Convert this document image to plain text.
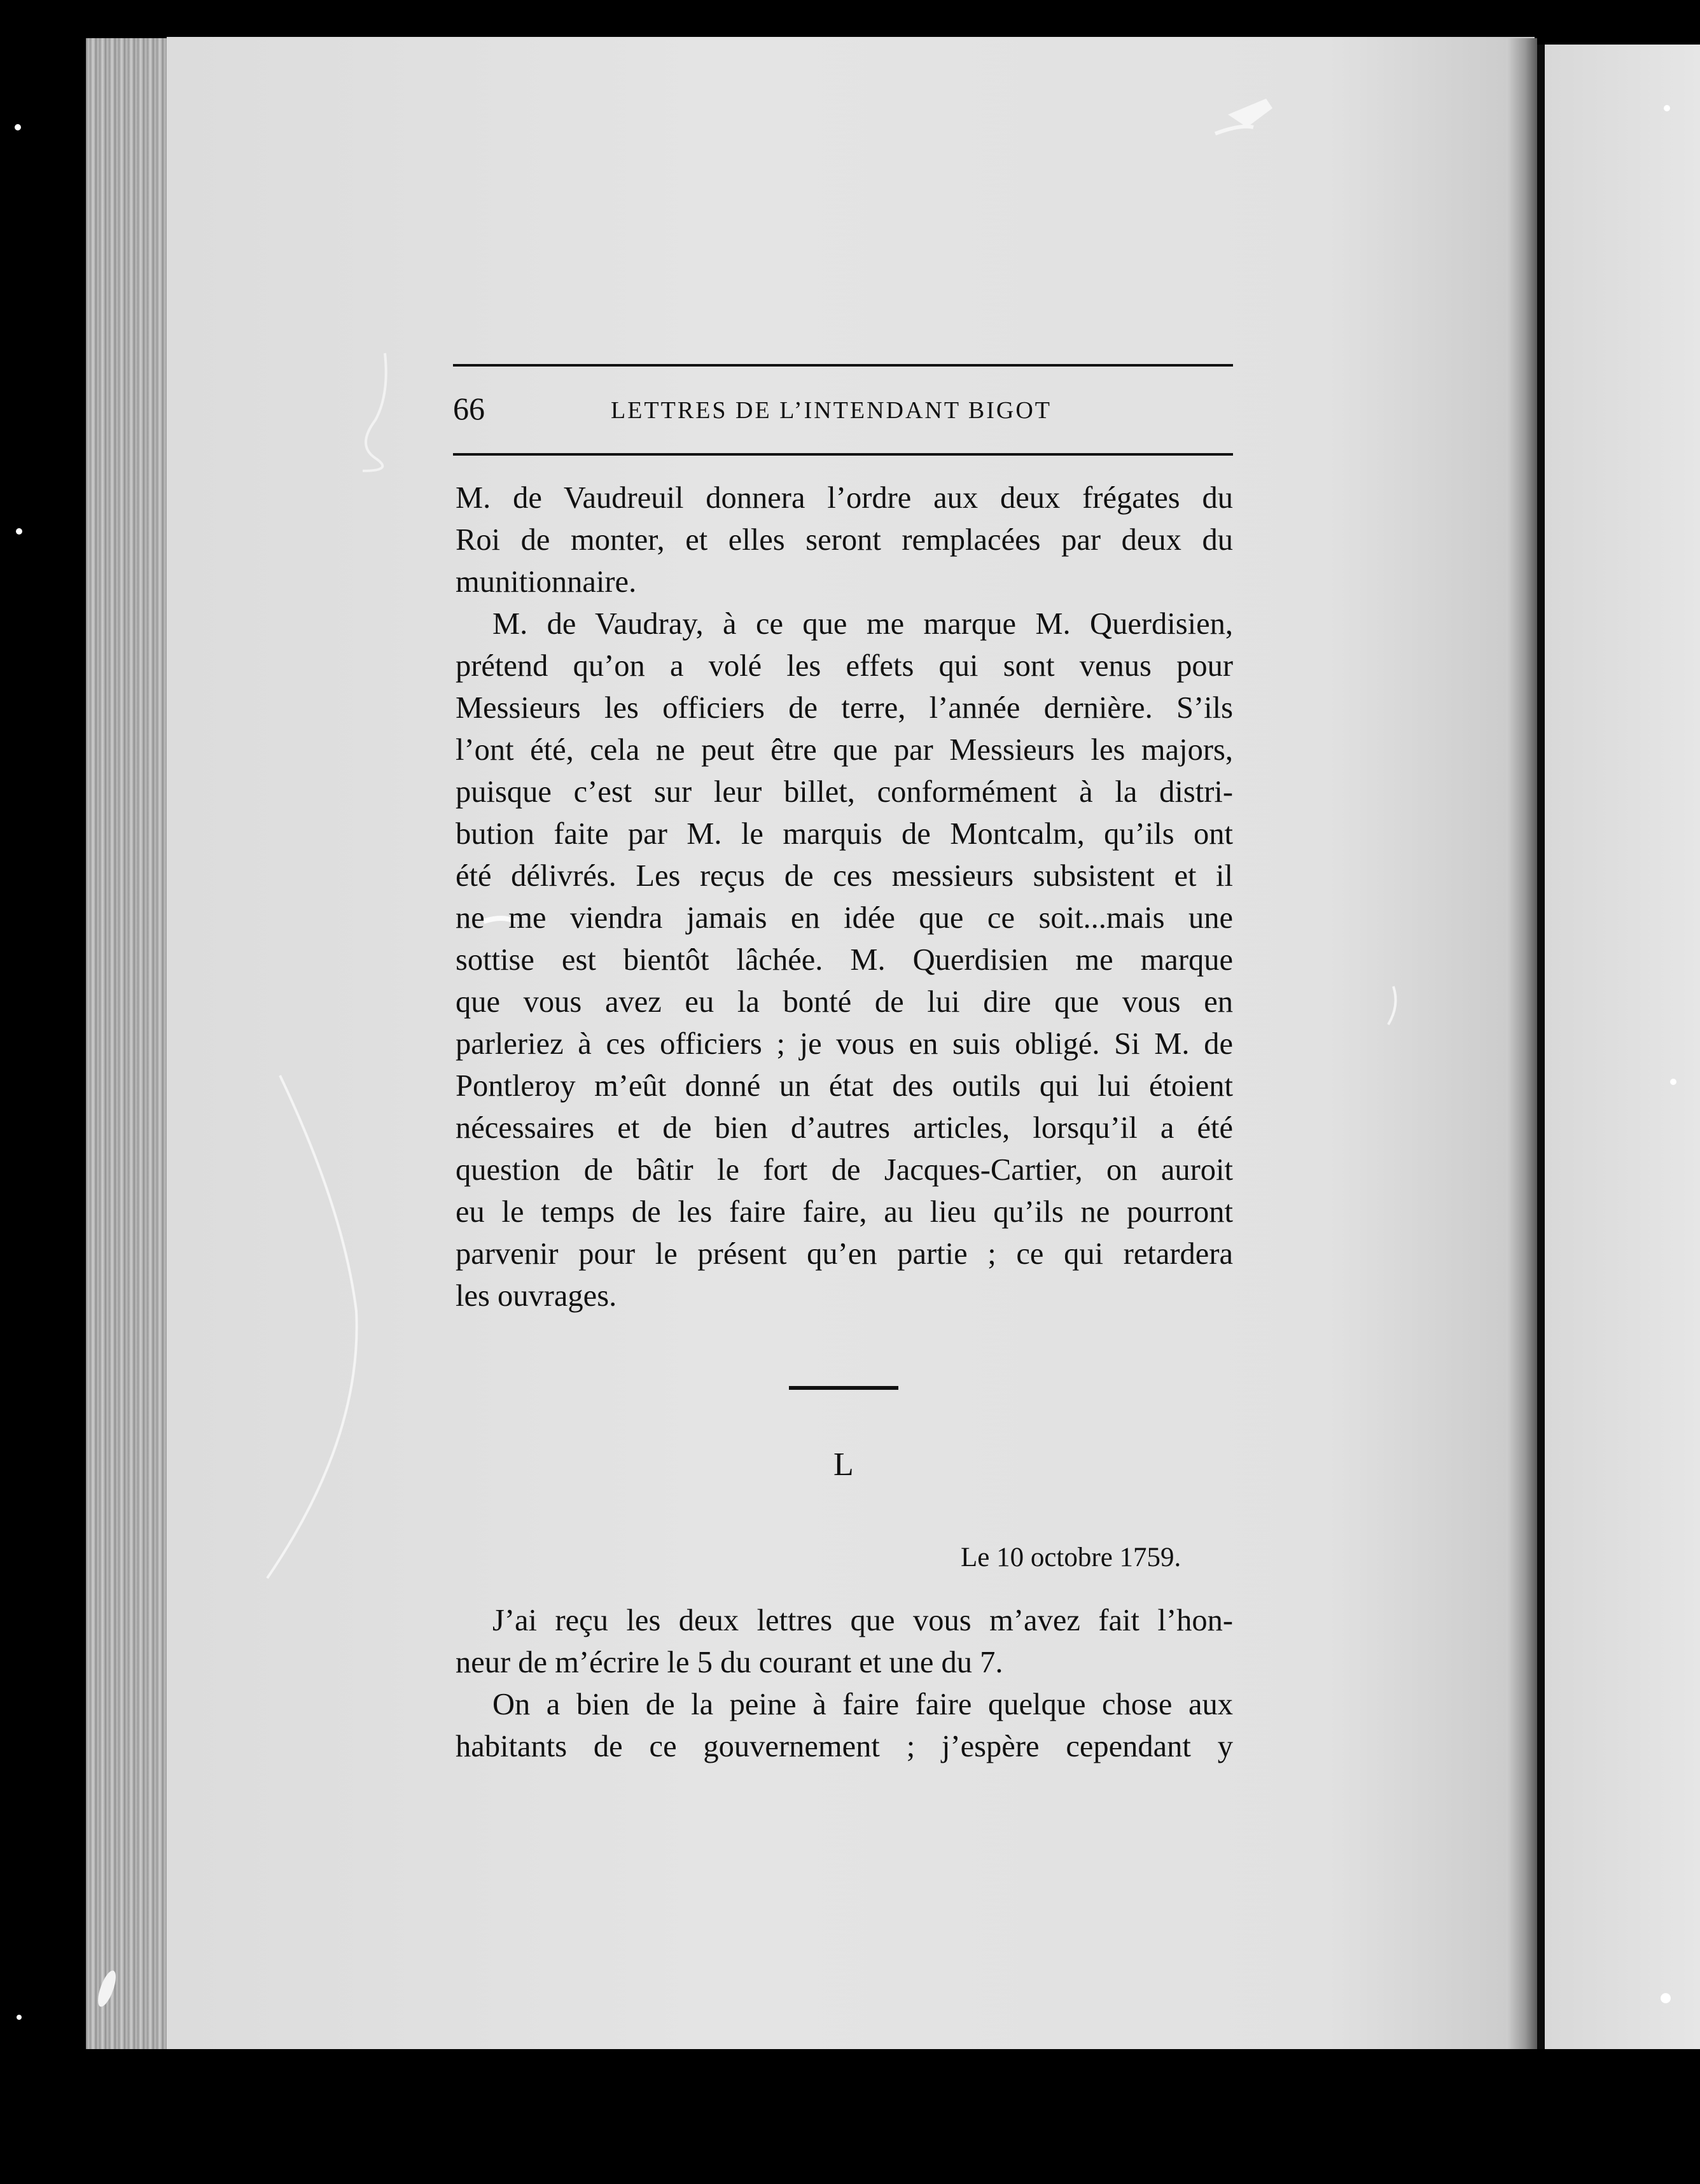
66	LETTRES DE L’INTENDANT BIGOT
M. de Vaudreuil donnera l’ordre aux deux frégates du
Roi de monter, et elles seront remplacées par deux du
munitionnaire.
M. de Vaudray, à ce que me marque M. Querdisien,
prétend qu’on a volé les effets qui sont venus pour
Messieurs les officiers de terre, l’année dernière. S’ils
l’ont été, cela ne peut être que par Messieurs les majors,
puisque c’est sur leur billet, conformément à la distri-
bution faite par M. le marquis de Montcalm, qu’ils ont
été délivrés. Les reçus de ces messieurs subsistent et il
ne me viendra jamais en idée que ce soit...mais une
sottise est bientôt lâchée. M. Querdisien me marque
que vous avez eu la bonté de lui dire que vous en
parleriez à ces officiers ; je vous en suis obligé. Si M. de
Pontleroy m’eût donné un état des outils qui lui étoient
nécessaires et de bien d’autres articles, lorsqu’il a été
question de bâtir le fort de Jacques-Cartier, on auroit
eu le temps de les faire faire, au lieu qu’ils ne pourront
parvenir pour le présent qu’en partie ; ce qui retardera
les ouvrages.
L
Le 10 octobre 1759.
J’ai reçu les deux lettres que vous m’avez fait l’hon-
neur de m’écrire le 5 du courant et une du 7.
On a bien de la peine à faire faire quelque chose aux
habitants de ce gouvernement ; j’espère cependant y
